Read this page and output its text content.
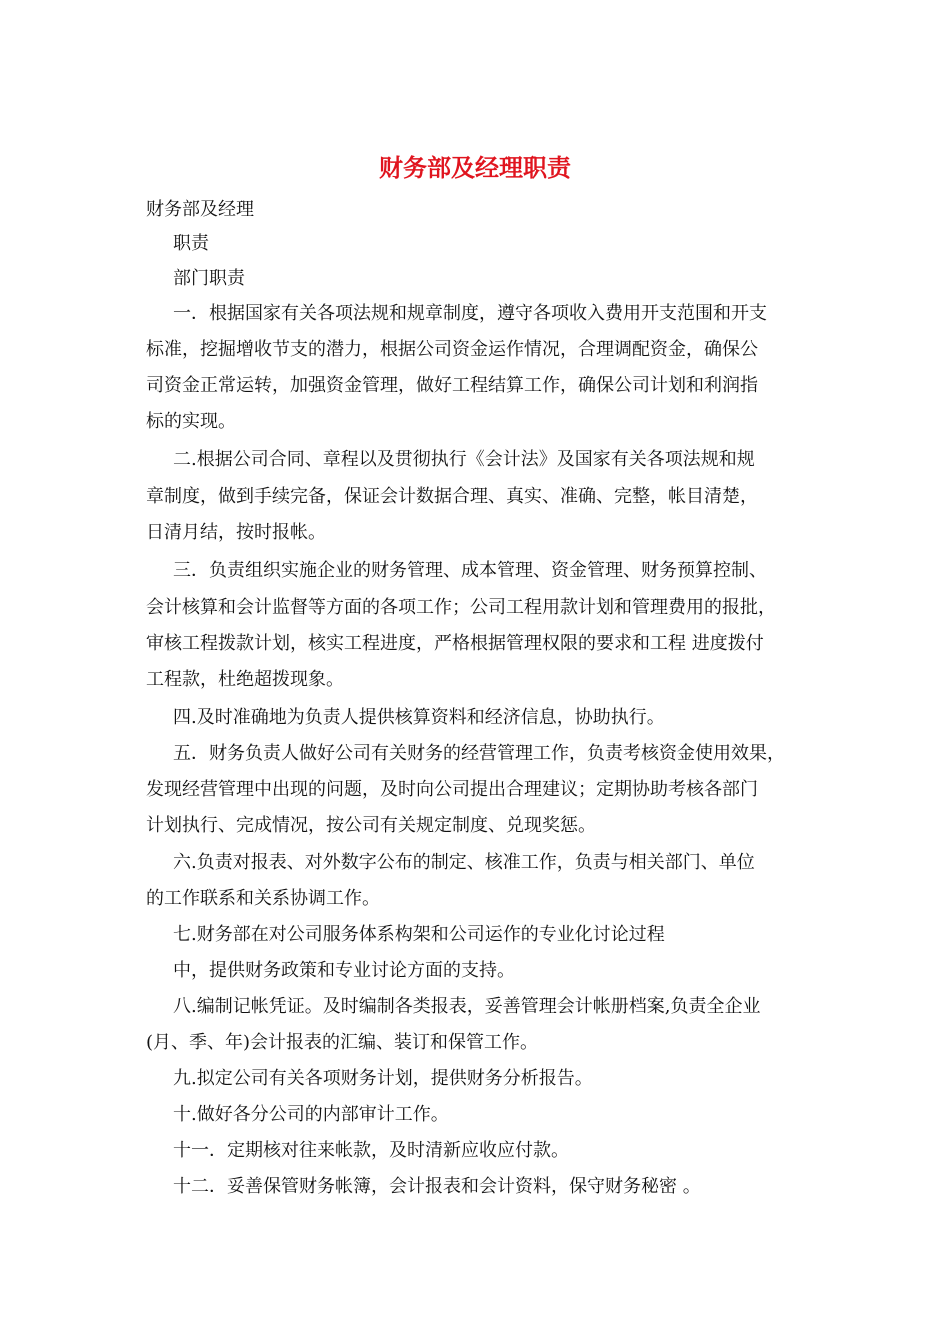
财务部及经理职责
财务部及经理
职责
部门职责
一．根据国家有关各项法规和规章制度，遵守各项收入费用开支范围和开支
标准，挖掘增收节支的潜力，根据公司资金运作情况，合理调配资金，确保公
司资金正常运转，加强资金管理，做好工程结算工作，确保公司计划和利润指
标的实现。
二.根据公司合同、章程以及贯彻执行《会计法》及国家有关各项法规和规
章制度，做到手续完备，保证会计数据合理、真实、准确、完整，帐目清楚，
日清月结，按时报帐。
三．负责组织实施企业的财务管理、成本管理、资金管理、财务预算控制、
会计核算和会计监督等方面的各项工作；公司工程用款计划和管理费用的报批，
审核工程拨款计划，核实工程进度，严格根据管理权限的要求和工程 进度拨付
工程款，杜绝超拨现象。
四.及时准确地为负责人提供核算资料和经济信息，协助执行。
五．财务负责人做好公司有关财务的经营管理工作，负责考核资金使用效果，
发现经营管理中出现的问题，及时向公司提出合理建议；定期协助考核各部门
计划执行、完成情况，按公司有关规定制度、兑现奖惩。
六.负责对报表、对外数字公布的制定、核准工作，负责与相关部门、单位
的工作联系和关系协调工作。
七.财务部在对公司服务体系构架和公司运作的专业化讨论过程
中，提供财务政策和专业讨论方面的支持。
八.编制记帐凭证。及时编制各类报表，妥善管理会计帐册档案,负责全企业
(月、季、年)会计报表的汇编、装订和保管工作。
九.拟定公司有关各项财务计划，提供财务分析报告。
十.做好各分公司的内部审计工作。
十一．定期核对往来帐款，及时清新应收应付款。
十二．妥善保管财务帐簿，会计报表和会计资料，保守财务秘密 。
